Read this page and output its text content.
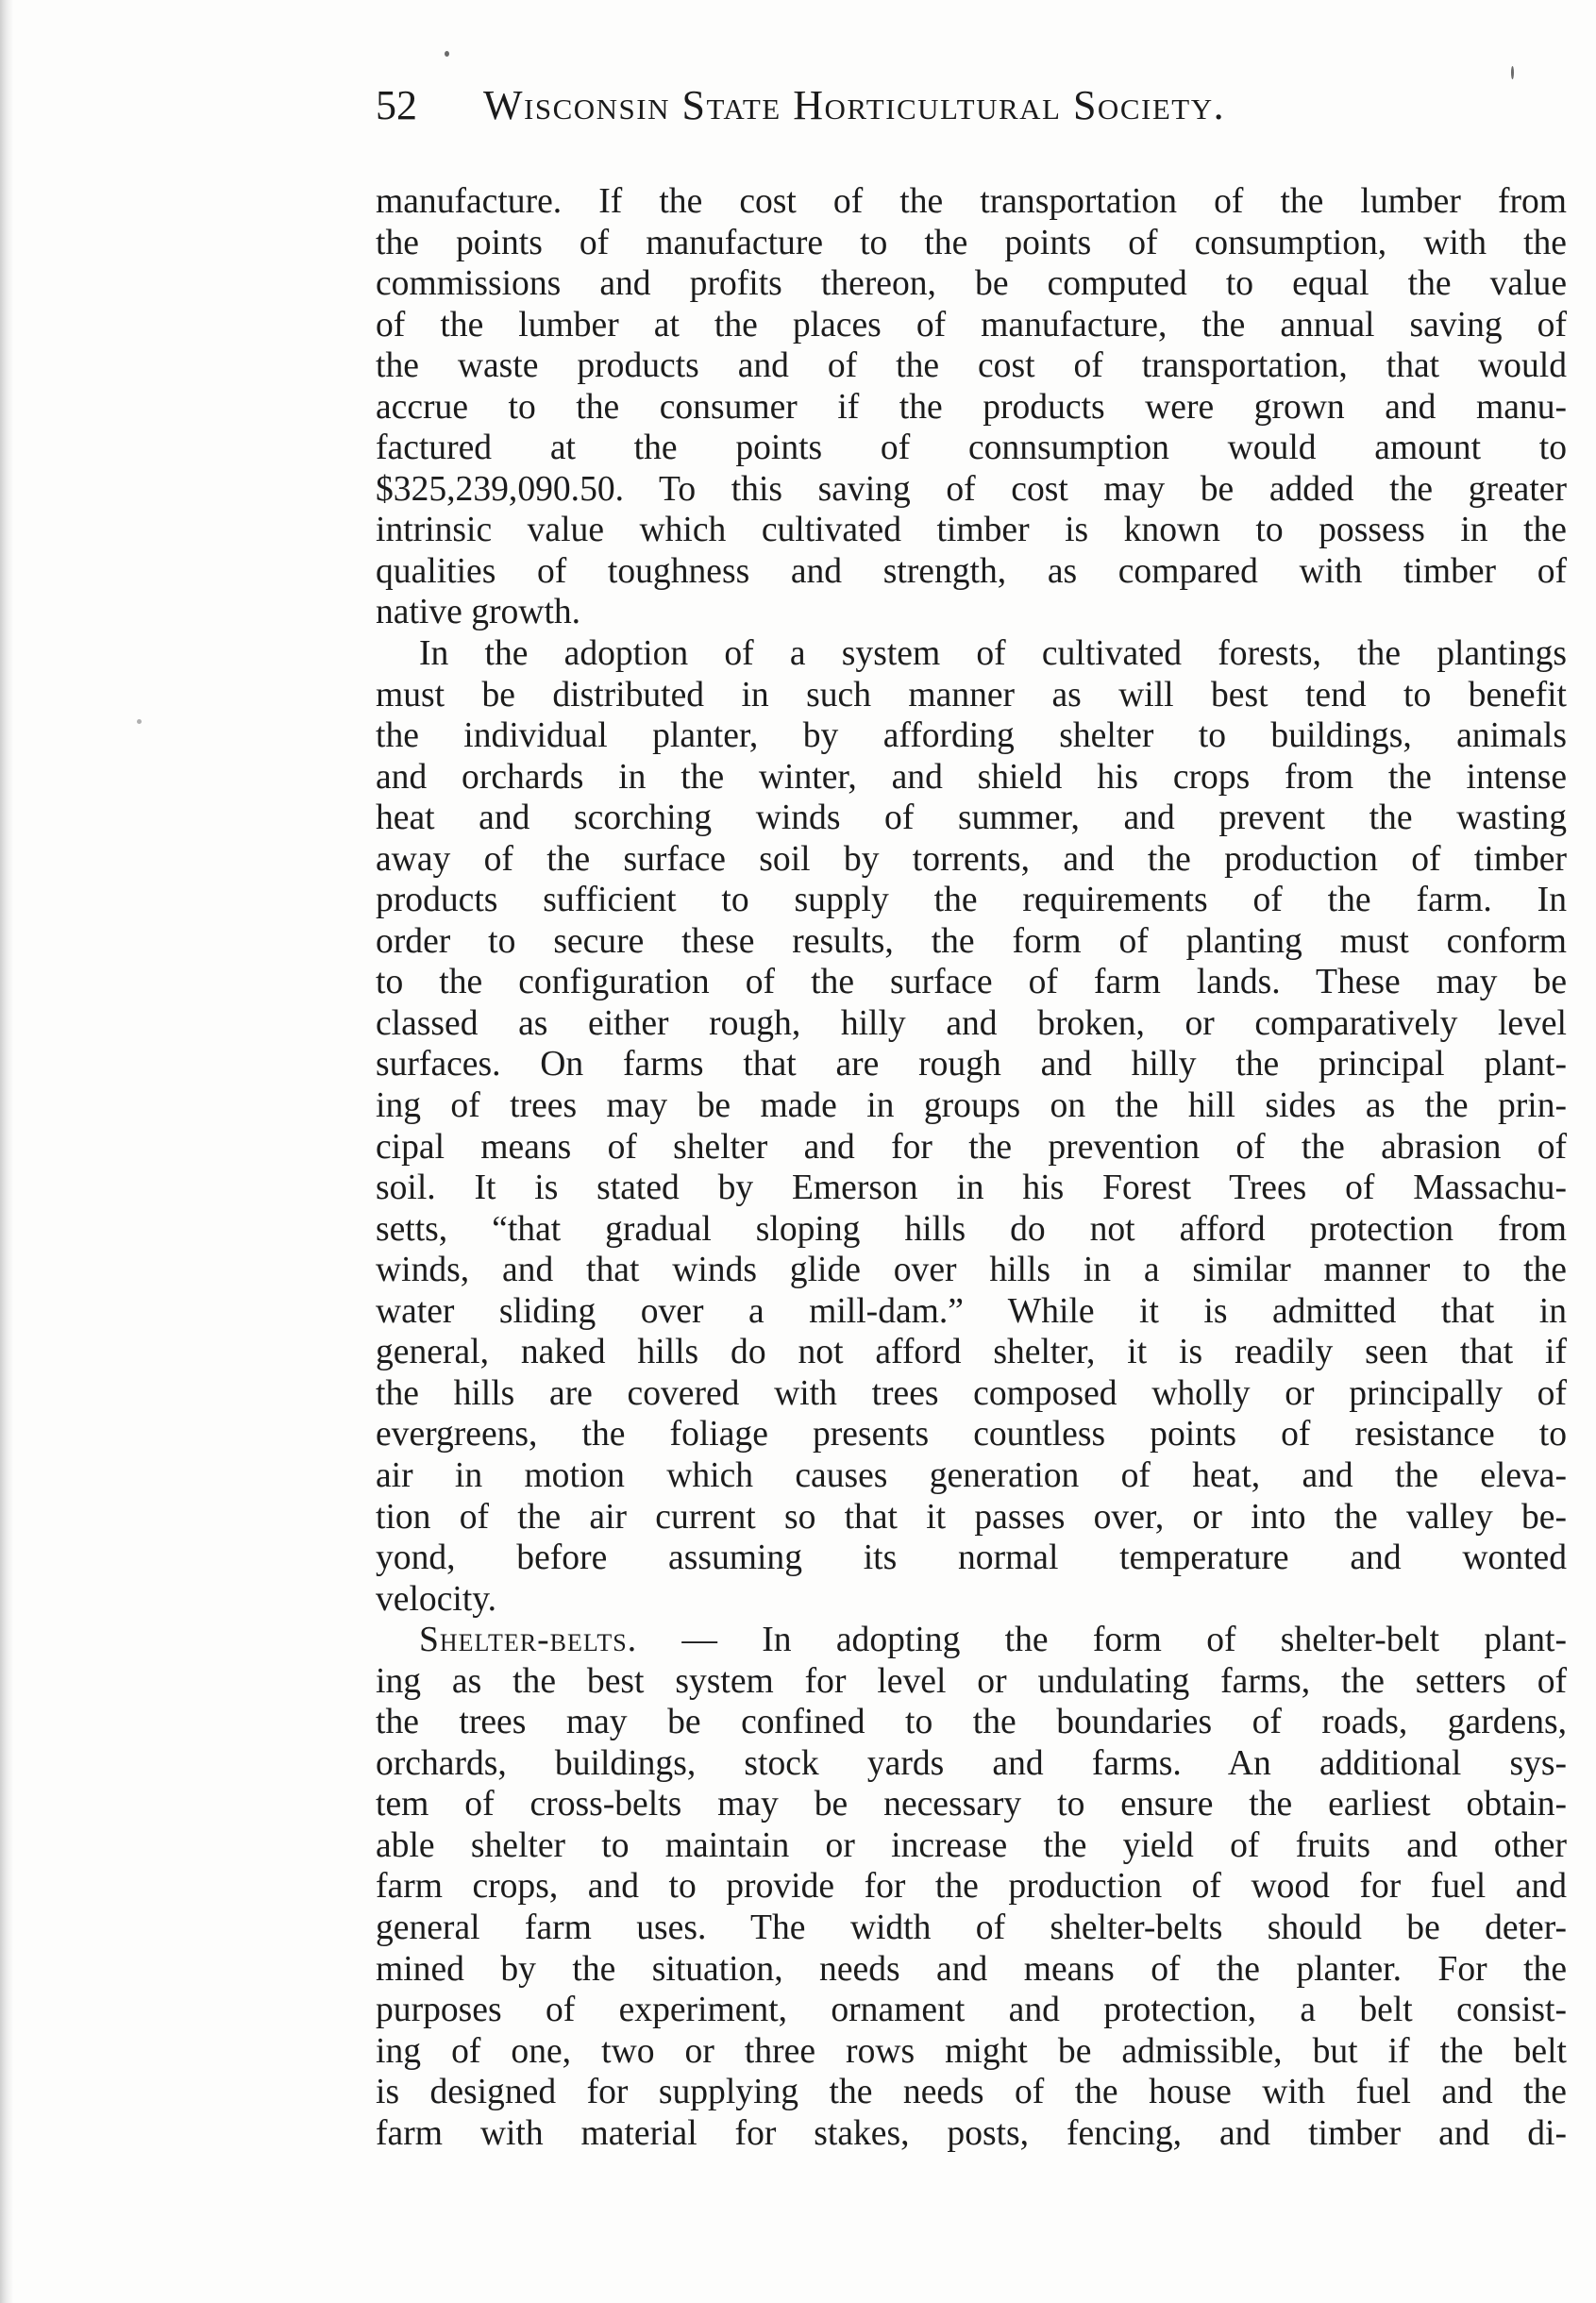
52 Wisconsin State Horticultural Society.

manufacture. If the cost of the transportation of the lumber from
the points of manufacture to the points of consumption, with the
commissions and profits thereon, be computed to equal the value
of the lumber at the places of manufacture, the annual saving of
the waste products and of the cost of transportation, that would
accrue to the consumer if the products were grown and manu-
factured at the points of connsumption would amount to
$325,239,090.50. To this saving of cost may be added the greater
intrinsic value which cultivated timber is known to possess in the
qualities of toughness and strength, as compared with timber of
native growth.

In the adoption of a system of cultivated forests, the plantings
must be distributed in such manner as will best tend to benefit
the individual planter, by affording shelter to buildings, animals
and orchards in the winter, and shield his crops from the intense
heat and scorching winds of summer, and prevent the wasting
away of the surface soil by torrents, and the production of timber
products sufficient to supply the requirements of the farm. In
order to secure these results, the form of planting must conform
to the configuration of the surface of farm lands. These may be
classed as either rough, hilly and broken, or comparatively level
surfaces. On farms that are rough and hilly the principal plant-
ing of trees may be made in groups on the hill sides as the prin-
cipal means of shelter and for the prevention of the abrasion of
soil. It is stated by Emerson in his Forest Trees of Massachu-
setts, “that gradual sloping hills do not afford protection from
winds, and that winds glide over hills in a similar manner to the
water sliding over a mill-dam.” While it is admitted that in
general, naked hills do not afford shelter, it is readily seen that if
the hills are covered with trees composed wholly or principally of
evergreens, the foliage presents countless points of resistance to
air in motion which causes generation of heat, and the eleva-
tion of the air current so that it passes over, or into the valley be-
yond, before assuming its normal temperature and wonted
velocity.

Shelter-belts. — In adopting the form of shelter-belt plant-
ing as the best system for level or undulating farms, the setters of
the trees may be confined to the boundaries of roads, gardens,
orchards, buildings, stock yards and farms. An additional sys-
tem of cross-belts may be necessary to ensure the earliest obtain-
able shelter to maintain or increase the yield of fruits and other
farm crops, and to provide for the production of wood for fuel and
general farm uses. The width of shelter-belts should be deter-
mined by the situation, needs and means of the planter. For the
purposes of experiment, ornament and protection, a belt consist-
ing of one, two or three rows might be admissible, but if the belt
is designed for supplying the needs of the house with fuel and the
farm with material for stakes, posts, fencing, and timber and di-
